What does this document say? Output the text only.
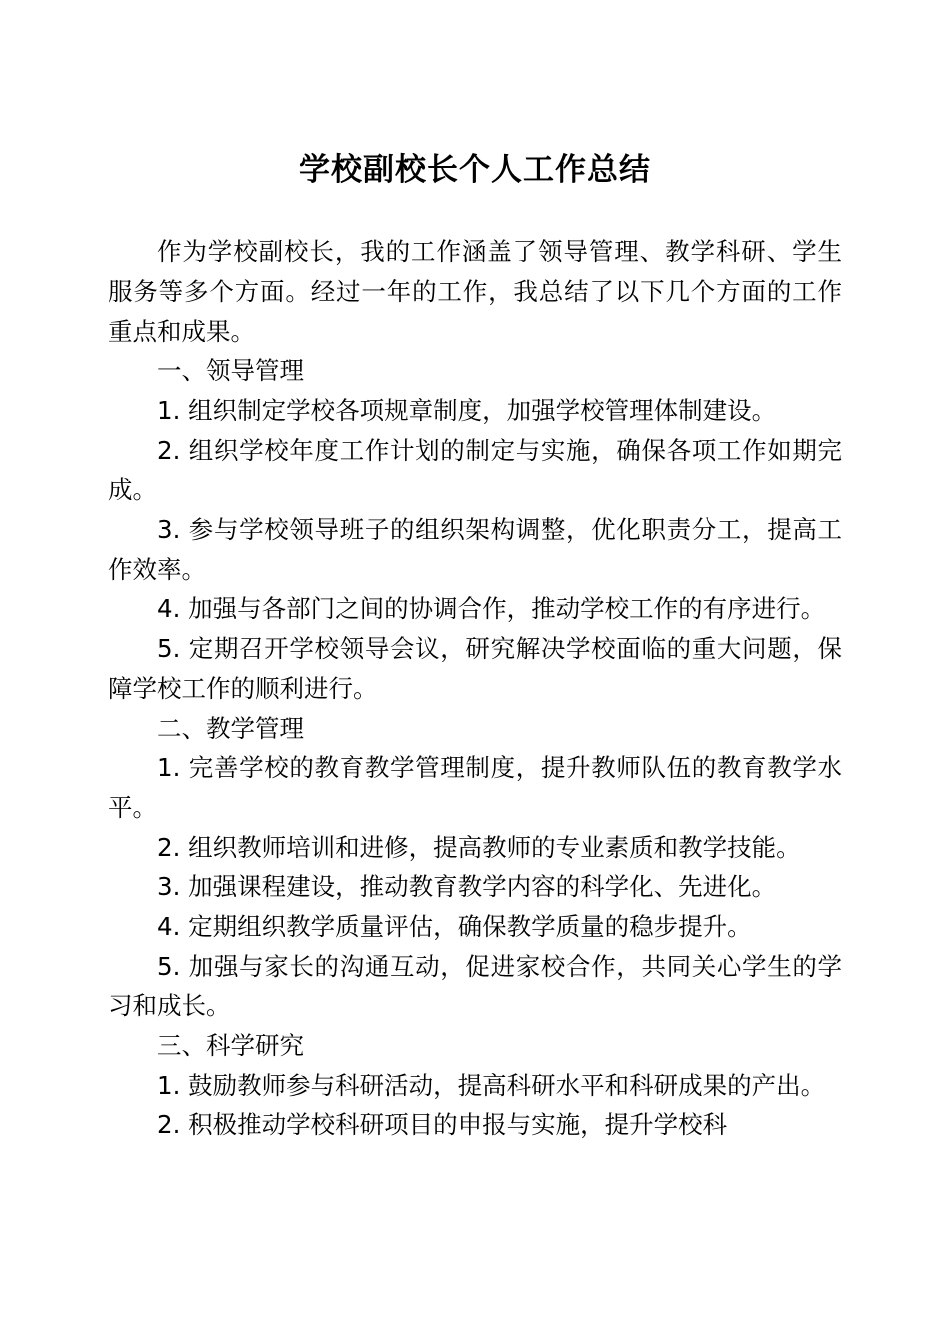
学校副校长个人工作总结

作为学校副校长，我的工作涵盖了领导管理、教学科研、学生服务等多个方面。经过一年的工作，我总结了以下几个方面的工作重点和成果。

一、领导管理

1. 组织制定学校各项规章制度，加强学校管理体制建设。

2. 组织学校年度工作计划的制定与实施，确保各项工作如期完成。

3. 参与学校领导班子的组织架构调整，优化职责分工，提高工作效率。

4. 加强与各部门之间的协调合作，推动学校工作的有序进行。

5. 定期召开学校领导会议，研究解决学校面临的重大问题，保障学校工作的顺利进行。

二、教学管理

1. 完善学校的教育教学管理制度，提升教师队伍的教育教学水平。

2. 组织教师培训和进修，提高教师的专业素质和教学技能。

3. 加强课程建设，推动教育教学内容的科学化、先进化。

4. 定期组织教学质量评估，确保教学质量的稳步提升。

5. 加强与家长的沟通互动，促进家校合作，共同关心学生的学习和成长。

三、科学研究

1. 鼓励教师参与科研活动，提高科研水平和科研成果的产出。

2. 积极推动学校科研项目的申报与实施，提升学校科
